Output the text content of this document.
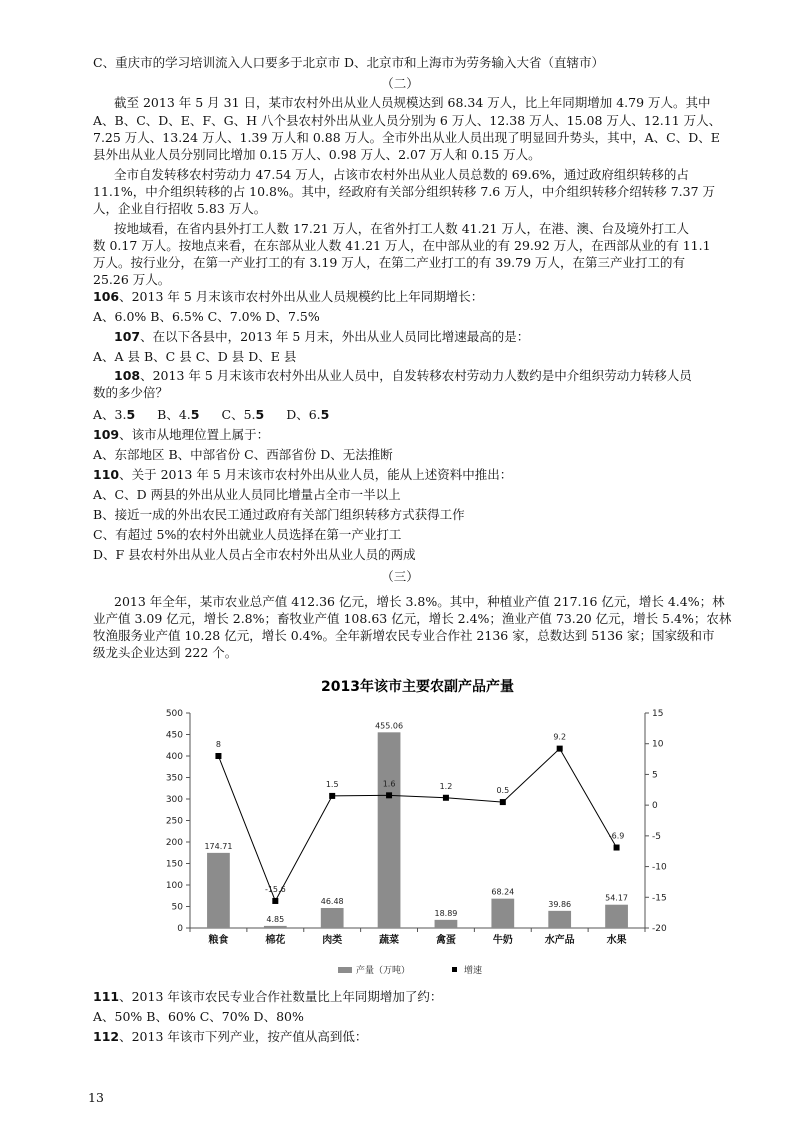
C、重庆市的学习培训流入人口要多于北京市 D、北京市和上海市为劳务输入大省（直辖市）
截至 2013 年 5 月 31 日，某市农村外出从业人员规模达到 68.34 万人，比上年同期增加 4.79 万人。其中
A、B、C、D、E、F、G、H 八个县农村外出从业人员分别为 6 万人、12.38 万人、15.08 万人、12.11 万人、
7.25 万人、13.24 万人、1.39 万人和 0.88 万人。全市外出从业人员出现了明显回升势头，其中，A、C、D、E
县外出从业人员分别同比增加 0.15 万人、0.98 万人、2.07 万人和 0.15 万人。
全市自发转移农村劳动力 47.54 万人，占该市农村外出从业人员总数的 69.6%，通过政府组织转移的占
11.1%，中介组织转移的占 10.8%。其中，经政府有关部分组织转移 7.6 万人，中介组织转移介绍转移 7.37 万
人，企业自行招收 5.83 万人。
按地域看，在省内县外打工人数 17.21 万人，在省外打工人数 41.21 万人，在港、澳、台及境外打工人
数 0.17 万人。按地点来看，在东部从业人数 41.21 万人，在中部从业的有 29.92 万人，在西部从业的有 11.1
万人。按行业分，在第一产业打工的有 3.19 万人，在第二产业打工的有 39.79 万人，在第三产业打工的有
25.26 万人。
A、6.0% B、6.5% C、7.0% D、7.5%
A、A 县 B、C 县 C、D 县 D、E 县
数的多少倍？
A、东部地区 B、中部省份 C、西部省份 D、无法推断
A、C、D 两县的外出从业人员同比增量占全市一半以上
B、接近一成的外出农民工通过政府有关部门组织转移方式获得工作
C、有超过 5%的农村外出就业人员选择在第一产业打工
D、F 县农村外出从业人员占全市农村外出从业人员的两成
2013 年全年，某市农业总产值 412.36 亿元，增长 3.8%。其中，种植业产值 217.16 亿元，增长 4.4%；林
业产值 3.09 亿元，增长 2.8%；畜牧业产值 108.63 亿元，增长 2.4%；渔业产值 73.20 亿元，增长 5.4%；农林
牧渔服务业产值 10.28 亿元，增长 0.4%。全年新增农民专业合作社 2136 家，总数达到 5136 家；国家级和市
级龙头企业达到 222 个。
A、50% B、60% C、70% D、80%
（二）
（三）
106、2013 年 5 月末该市农村外出从业人员规模约比上年同期增长：
107、在以下各县中，2013 年 5 月末，外出从业人员同比增速最高的是：
108、2013 年 5 月末该市农村外出从业人员中，自发转移农村劳动力人数约是中介组织劳动力转移人员
109、该市从地理位置上属于：
110、关于 2013 年 5 月末该市农村外出从业人员，能从上述资料中推出：
111、2013 年该市农民专业合作社数量比上年同期增加了约：
112、2013 年该市下列产业，按产值从高到低：
A、3.5 B、4.5 C、5.5 D、6.5
2013年该市主要农副产品产量
0
50
100
150
200
250
300
350
400
450
500
-20
-15
-10
-5
0
5
10
15
174.71
4.85
46.48
455.06
18.89
68.24
39.86
54.17
粮食	棉花	肉类	蔬菜	禽蛋	牛奶	水产品	水果
8
-15.6
1.5	1.6	1.2	0.5
9.2
-6.9
产量（万吨）	增速
13
